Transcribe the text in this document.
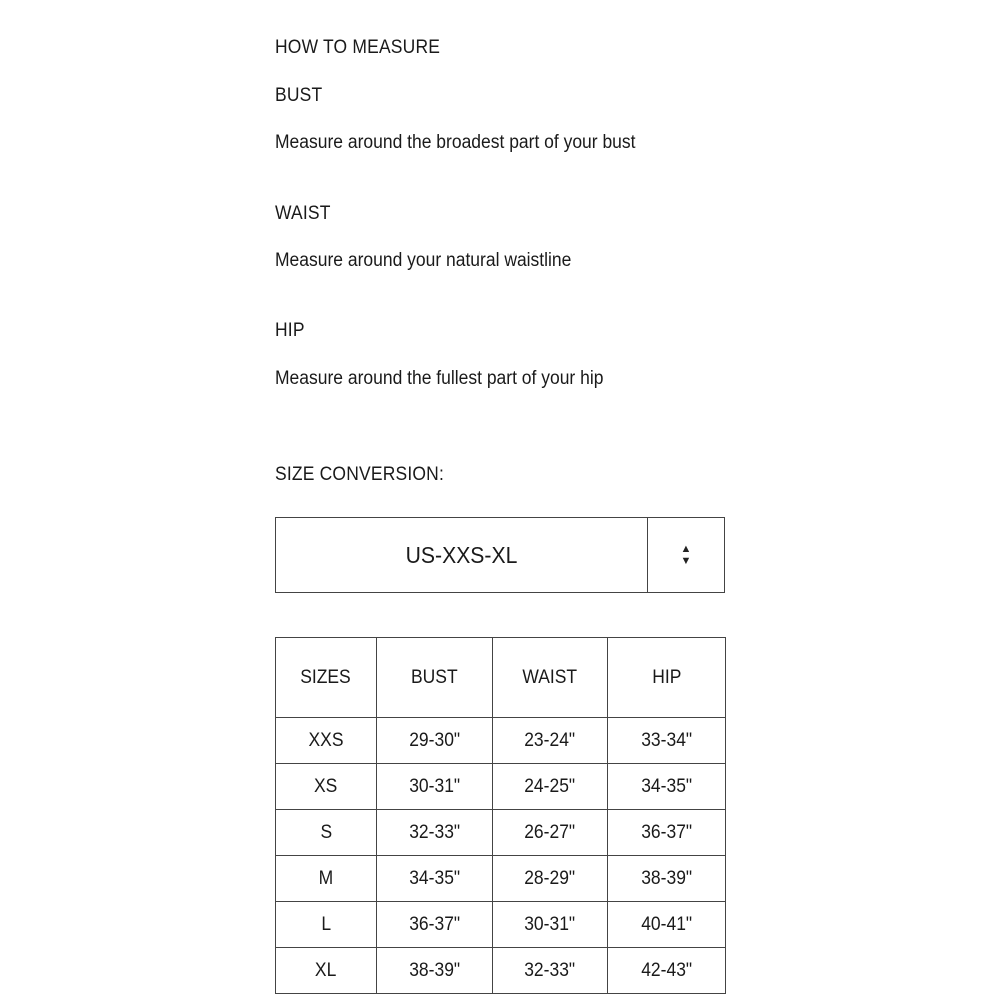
HOW TO MEASURE
BUST
Measure around the broadest part of your bust
WAIST
Measure around your natural waistline
HIP
Measure around the fullest part of your hip
SIZE CONVERSION:
US-XXS-XL	▲
▼
SIZES	BUST	WAIST	HIP
XXS	29-30"	23-24"	33-34"
XS	30-31"	24-25"	34-35"
S	32-33"	26-27"	36-37"
M	34-35"	28-29"	38-39"
L	36-37"	30-31"	40-41"
XL	38-39"	32-33"	42-43"
